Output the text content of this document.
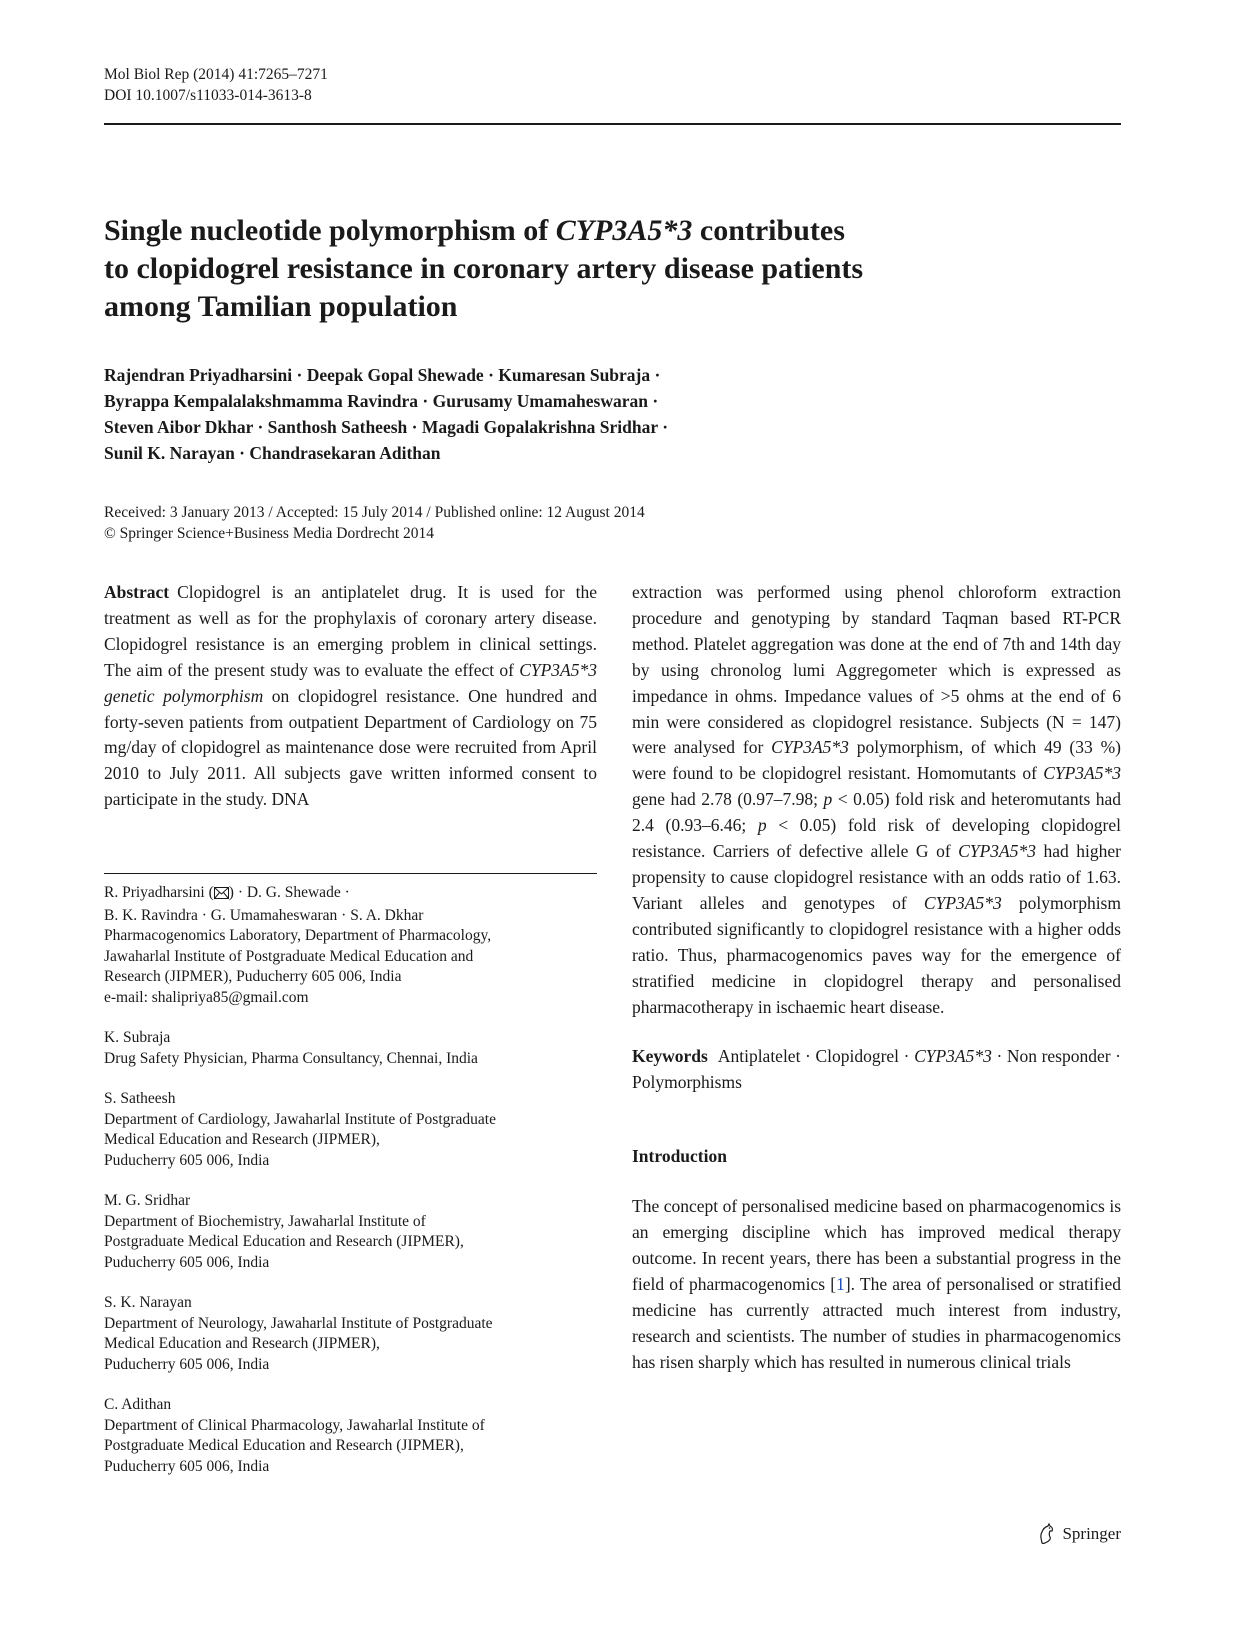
Mol Biol Rep (2014) 41:7265–7271
DOI 10.1007/s11033-014-3613-8
Single nucleotide polymorphism of CYP3A5*3 contributes
to clopidogrel resistance in coronary artery disease patients
among Tamilian population
Rajendran Priyadharsini · Deepak Gopal Shewade · Kumaresan Subraja ·
Byrappa Kempalalakshmamma Ravindra · Gurusamy Umamaheswaran ·
Steven Aibor Dkhar · Santhosh Satheesh · Magadi Gopalakrishna Sridhar ·
Sunil K. Narayan · Chandrasekaran Adithan
Received: 3 January 2013 / Accepted: 15 July 2014 / Published online: 12 August 2014
© Springer Science+Business Media Dordrecht 2014

Abstract Clopidogrel is an antiplatelet drug. It is used for the treatment as well as for the prophylaxis of coronary artery disease. Clopidogrel resistance is an emerging problem in clinical settings. The aim of the present study was to evaluate the effect of CYP3A5*3 genetic polymorphism on clopidogrel resistance. One hundred and forty-seven patients from outpatient Department of Cardiology on 75 mg/day of clopidogrel as maintenance dose were recruited from April 2010 to July 2011. All subjects gave written informed consent to participate in the study. DNA

R. Priyadharsini ( ) · D. G. Shewade ·
B. K. Ravindra · G. Umamaheswaran · S. A. Dkhar
Pharmacogenomics Laboratory, Department of Pharmacology,
Jawaharlal Institute of Postgraduate Medical Education and
Research (JIPMER), Puducherry 605 006, India
e-mail: shalipriya85@gmail.com
K. Subraja
Drug Safety Physician, Pharma Consultancy, Chennai, India
S. Satheesh
Department of Cardiology, Jawaharlal Institute of Postgraduate
Medical Education and Research (JIPMER),
Puducherry 605 006, India
M. G. Sridhar
Department of Biochemistry, Jawaharlal Institute of
Postgraduate Medical Education and Research (JIPMER),
Puducherry 605 006, India
S. K. Narayan
Department of Neurology, Jawaharlal Institute of Postgraduate
Medical Education and Research (JIPMER),
Puducherry 605 006, India
C. Adithan
Department of Clinical Pharmacology, Jawaharlal Institute of
Postgraduate Medical Education and Research (JIPMER),
Puducherry 605 006, India

extraction was performed using phenol chloroform extraction procedure and genotyping by standard Taqman based RT-PCR method. Platelet aggregation was done at the end of 7th and 14th day by using chronolog lumi Aggregometer which is expressed as impedance in ohms. Impedance values of >5 ohms at the end of 6 min were considered as clopidogrel resistance. Subjects (N = 147) were analysed for CYP3A5*3 polymorphism, of which 49 (33 %) were found to be clopidogrel resistant. Homomutants of CYP3A5*3 gene had 2.78 (0.97–7.98; p < 0.05) fold risk and heteromutants had 2.4 (0.93–6.46; p < 0.05) fold risk of developing clopidogrel resistance. Carriers of defective allele G of CYP3A5*3 had higher propensity to cause clopidogrel resistance with an odds ratio of 1.63. Variant alleles and genotypes of CYP3A5*3 polymorphism contributed significantly to clopidogrel resistance with a higher odds ratio. Thus, pharmacogenomics paves way for the emergence of stratified medicine in clopidogrel therapy and personalised pharmacotherapy in ischaemic heart disease.

Keywords Antiplatelet · Clopidogrel · CYP3A5*3 · Non responder · Polymorphisms

Introduction

The concept of personalised medicine based on pharmacogenomics is an emerging discipline which has improved medical therapy outcome. In recent years, there has been a substantial progress in the field of pharmacogenomics [1]. The area of personalised or stratified medicine has currently attracted much interest from industry, research and scientists. The number of studies in pharmacogenomics has risen sharply which has resulted in numerous clinical trials

Springer
